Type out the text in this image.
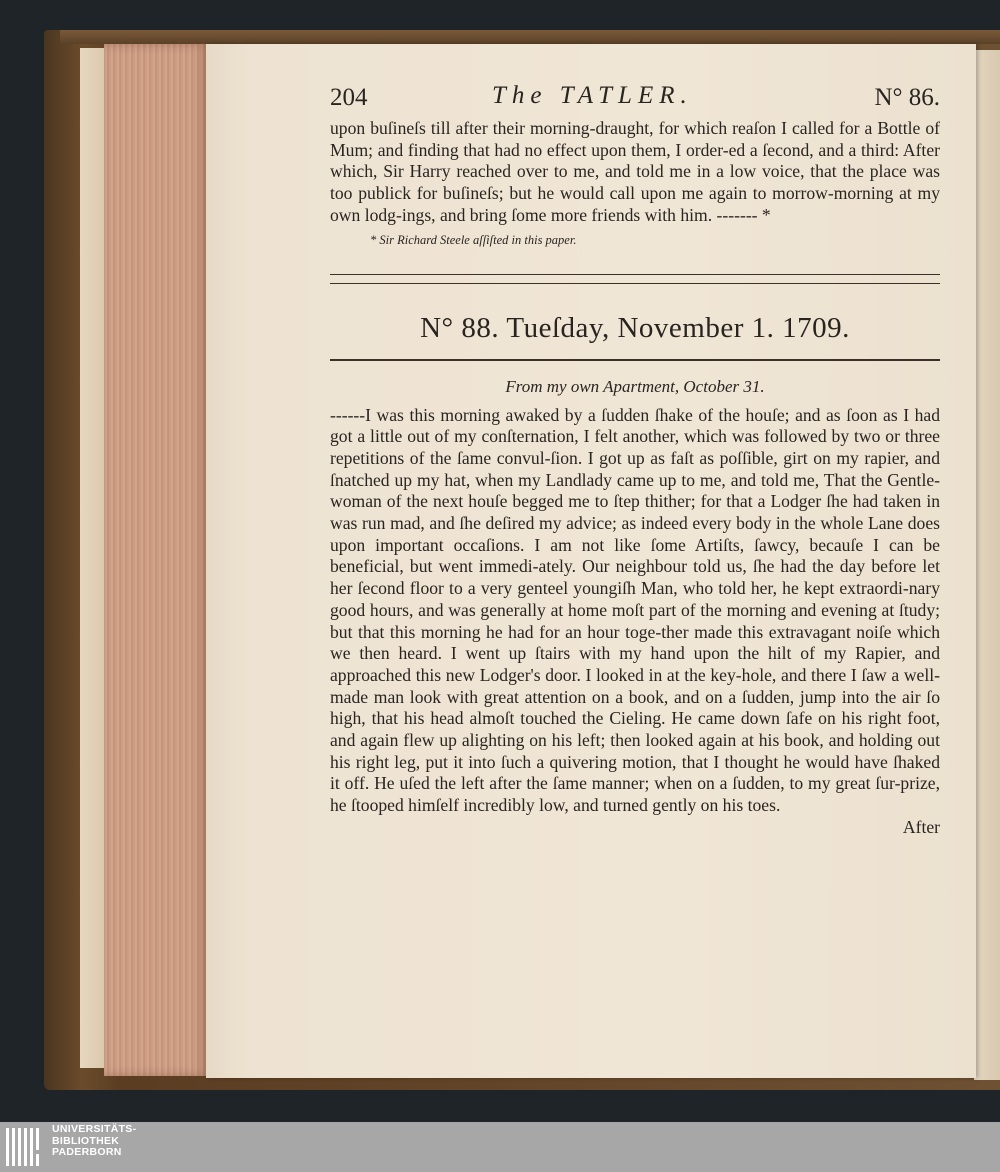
204	The TATLER.	N° 86.

upon buſineſs till after their morning-draught, for which reaſon I called for a Bottle of Mum; and finding that had no effect upon them, I order-ed a ſecond, and a third: After which, Sir Harry reached over to me, and told me in a low voice, that the place was too publick for buſineſs; but he would call upon me again to morrow-morning at my own lodg-ings, and bring ſome more friends with him. ------- *

* Sir Richard Steele aſſiſted in this paper.

N° 88. Tueſday, November 1. 1709.

From my own Apartment, October 31.

------I was this morning awaked by a ſudden ſhake of the houſe; and as ſoon as I had got a little out of my conſternation, I felt another, which was followed by two or three repetitions of the ſame convul-ſion. I got up as faſt as poſſible, girt on my rapier, and ſnatched up my hat, when my Landlady came up to me, and told me, That the Gentle-woman of the next houſe begged me to ſtep thither; for that a Lodger ſhe had taken in was run mad, and ſhe deſired my advice; as indeed every body in the whole Lane does upon important occaſions. I am not like ſome Artiſts, ſawcy, becauſe I can be beneficial, but went immedi-ately. Our neighbour told us, ſhe had the day before let her ſecond floor to a very genteel youngiſh Man, who told her, he kept extraordi-nary good hours, and was generally at home moſt part of the morning and evening at ſtudy; but that this morning he had for an hour toge-ther made this extravagant noiſe which we then heard. I went up ſtairs with my hand upon the hilt of my Rapier, and approached this new Lodger's door. I looked in at the key-hole, and there I ſaw a well-made man look with great attention on a book, and on a ſudden, jump into the air ſo high, that his head almoſt touched the Cieling. He came down ſafe on his right foot, and again flew up alighting on his left; then looked again at his book, and holding out his right leg, put it into ſuch a quivering motion, that I thought he would have ſhaked it off. He uſed the left after the ſame manner; when on a ſudden, to my great ſur-prize, he ſtooped himſelf incredibly low, and turned gently on his toes.

After

UNIVERSITÄTS-
BIBLIOTHEK
PADERBORN
